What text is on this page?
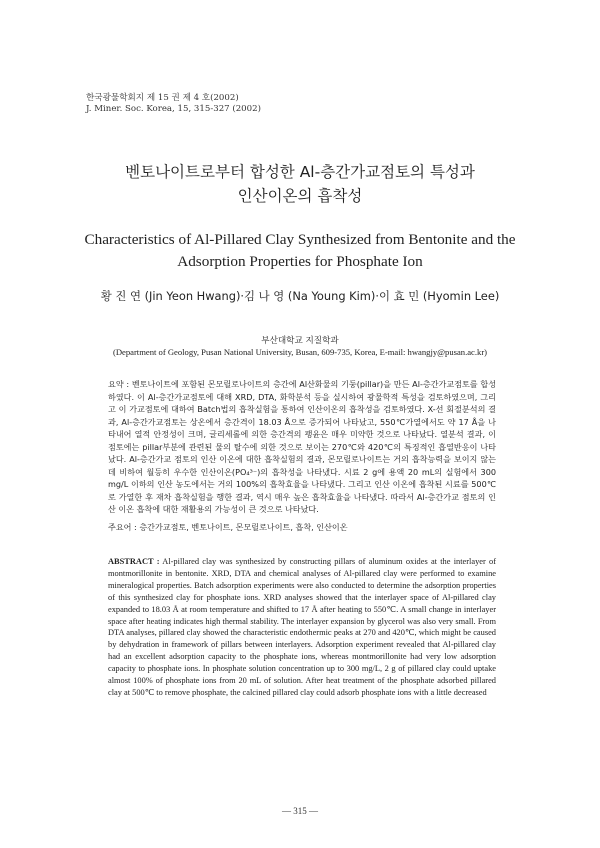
한국광물학회지 제 15 권 제 4 호(2002)
J. Miner. Soc. Korea, 15, 315-327 (2002)
벤토나이트로부터 합성한 Al-층간가교점토의 특성과
인산이온의 흡착성
Characteristics of Al-Pillared Clay Synthesized from Bentonite and the
Adsorption Properties for Phosphate Ion
황 진 연 (Jin Yeon Hwang)·김 나 영 (Na Young Kim)·이 효 민 (Hyomin Lee)
부산대학교 지질학과
(Department of Geology, Pusan National University, Busan, 609-735, Korea, E-mail: hwangjy@pusan.ac.kr)
요약 : 벤토나이트에 포함된 몬모릴로나이트의 층간에 Al산화물의 기둥(pillar)을 만든 Al-층간가교점토를 합성하였다. 이 Al-층간가교점토에 대해 XRD, DTA, 화학분석 등을 실시하여 광물학적 특성을 검토하였으며, 그리고 이 가교점토에 대하여 Batch법의 흡착실험을 통하여 인산이온의 흡착성을 검토하였다. X-선 회절분석의 결과, Al-층간가교점토는 상온에서 층간격이 18.03 Å으로 증가되어 나타났고, 550℃가열에서도 약 17 Å을 나타내어 열적 안정성이 크며, 글리세롤에 의한 층간격의 팽윤은 매우 미약한 것으로 나타났다. 열분석 결과, 이 점토에는 pillar부분에 관련된 물의 탈수에 의한 것으로 보이는 270℃와 420℃의 특징적인 흡열반응이 나타났다. Al-층간가교 점토의 인산 이온에 대한 흡착실험의 결과, 몬모릴로나이트는 거의 흡착능력을 보이지 않는데 비하여 월등히 우수한 인산이온(PO₄³⁻)의 흡착성을 나타냈다. 시료 2 g에 용액 20 mL의 실험에서 300 mg/L 이하의 인산 농도에서는 거의 100%의 흡착효율을 나타냈다. 그리고 인산 이온에 흡착된 시료를 500℃로 가열한 후 재차 흡착실험을 행한 결과, 역시 매우 높은 흡착효율을 나타냈다. 따라서 Al-층간가교 점토의 인산 이온 흡착에 대한 재활용의 가능성이 큰 것으로 나타났다.
주요어 : 층간가교점토, 벤토나이트, 몬모릴로나이트, 흡착, 인산이온
ABSTRACT : Al-pillared clay was synthesized by constructing pillars of aluminum oxides at the interlayer of montmorillonite in bentonite. XRD, DTA and chemical analyses of Al-pillared clay were performed to examine mineralogical properties. Batch adsorption experiments were also conducted to determine the adsorption properties of this synthesized clay for phosphate ions. XRD analyses showed that the interlayer space of Al-pillared clay expanded to 18.03 Å at room temperature and shifted to 17 Å after heating to 550℃. A small change in interlayer space after heating indicates high thermal stability. The interlayer expansion by glycerol was also very small. From DTA analyses, pillared clay showed the characteristic endothermic peaks at 270 and 420℃, which might be caused by dehydration in framework of pillars between interlayers. Adsorption experiment revealed that Al-pillared clay had an excellent adsorption capacity to the phosphate ions, whereas montmorillonite had very low adsorption capacity to phosphate ions. In phosphate solution concentration up to 300 mg/L, 2 g of pillared clay could uptake almost 100% of phosphate ions from 20 mL of solution. After heat treatment of the phosphate adsorbed pillared clay at 500℃ to remove phosphate, the calcined pillared clay could adsorb phosphate ions with a little decreased
— 315 —
